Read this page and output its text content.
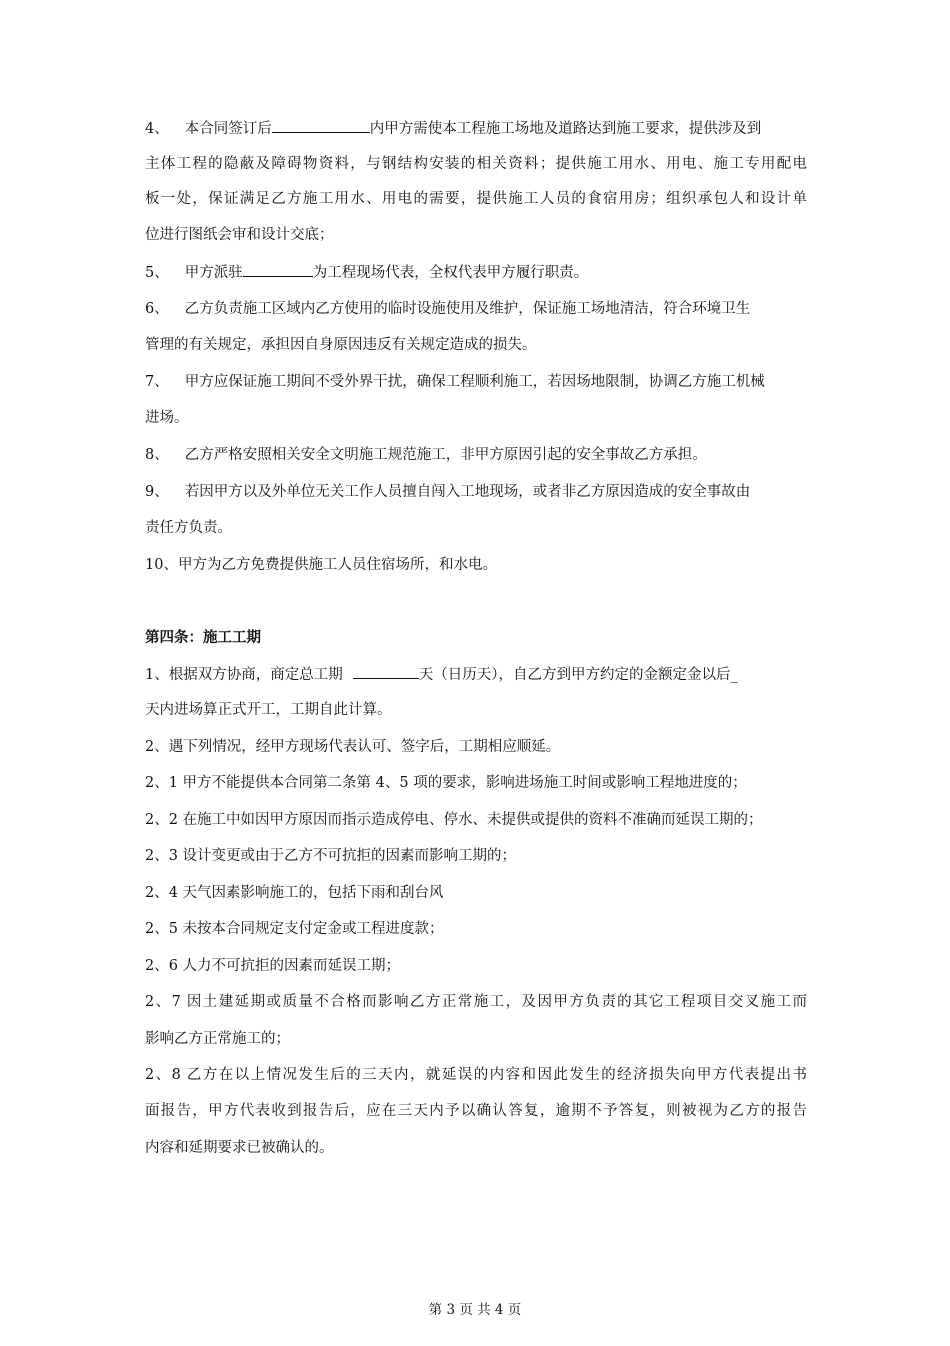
4、 本合同签订后	内甲方需使本工程施工场地及道路达到施工要求，提供涉及到
主体工程的隐蔽及障碍物资料，与钢结构安装的相关资料；提供施工用水、用电、施工专用配电
板一处，保证满足乙方施工用水、用电的需要，提供施工人员的食宿用房；组织承包人和设计单
位进行图纸会审和设计交底；
5、 甲方派驻	为工程现场代表，全权代表甲方履行职责。
6、 乙方负责施工区域内乙方使用的临时设施使用及维护，保证施工场地清洁，符合环境卫生
管理的有关规定，承担因自身原因违反有关规定造成的损失。
7、 甲方应保证施工期间不受外界干扰，确保工程顺利施工，若因场地限制，协调乙方施工机械
进场。
8、 乙方严格安照相关安全文明施工规范施工，非甲方原因引起的安全事故乙方承担。
9、 若因甲方以及外单位无关工作人员擅自闯入工地现场，或者非乙方原因造成的安全事故由
责任方负责。
10、甲方为乙方免费提供施工人员住宿场所，和水电。
第四条：施工工期
1、根据双方协商，商定总工期	天（日历天），自乙方到甲方约定的金额定金以后_
天内进场算正式开工，工期自此计算。
2、遇下列情况，经甲方现场代表认可、签字后，工期相应顺延。
2、1 甲方不能提供本合同第二条第 4、5 项的要求，影响进场施工时间或影响工程地进度的；
2、2 在施工中如因甲方原因而指示造成停电、停水、未提供或提供的资料不准确而延误工期的；
2、3 设计变更或由于乙方不可抗拒的因素而影响工期的；
2、4 天气因素影响施工的，包括下雨和刮台风
2、5 未按本合同规定支付定金或工程进度款；
2、6 人力不可抗拒的因素而延误工期；
2、7 因土建延期或质量不合格而影响乙方正常施工，及因甲方负责的其它工程项目交叉施工而
影响乙方正常施工的；
2、8 乙方在以上情况发生后的三天内，就延误的内容和因此发生的经济损失向甲方代表提出书
面报告，甲方代表收到报告后，应在三天内予以确认答复，逾期不予答复，则被视为乙方的报告
内容和延期要求已被确认的。
第 3 页 共 4 页
